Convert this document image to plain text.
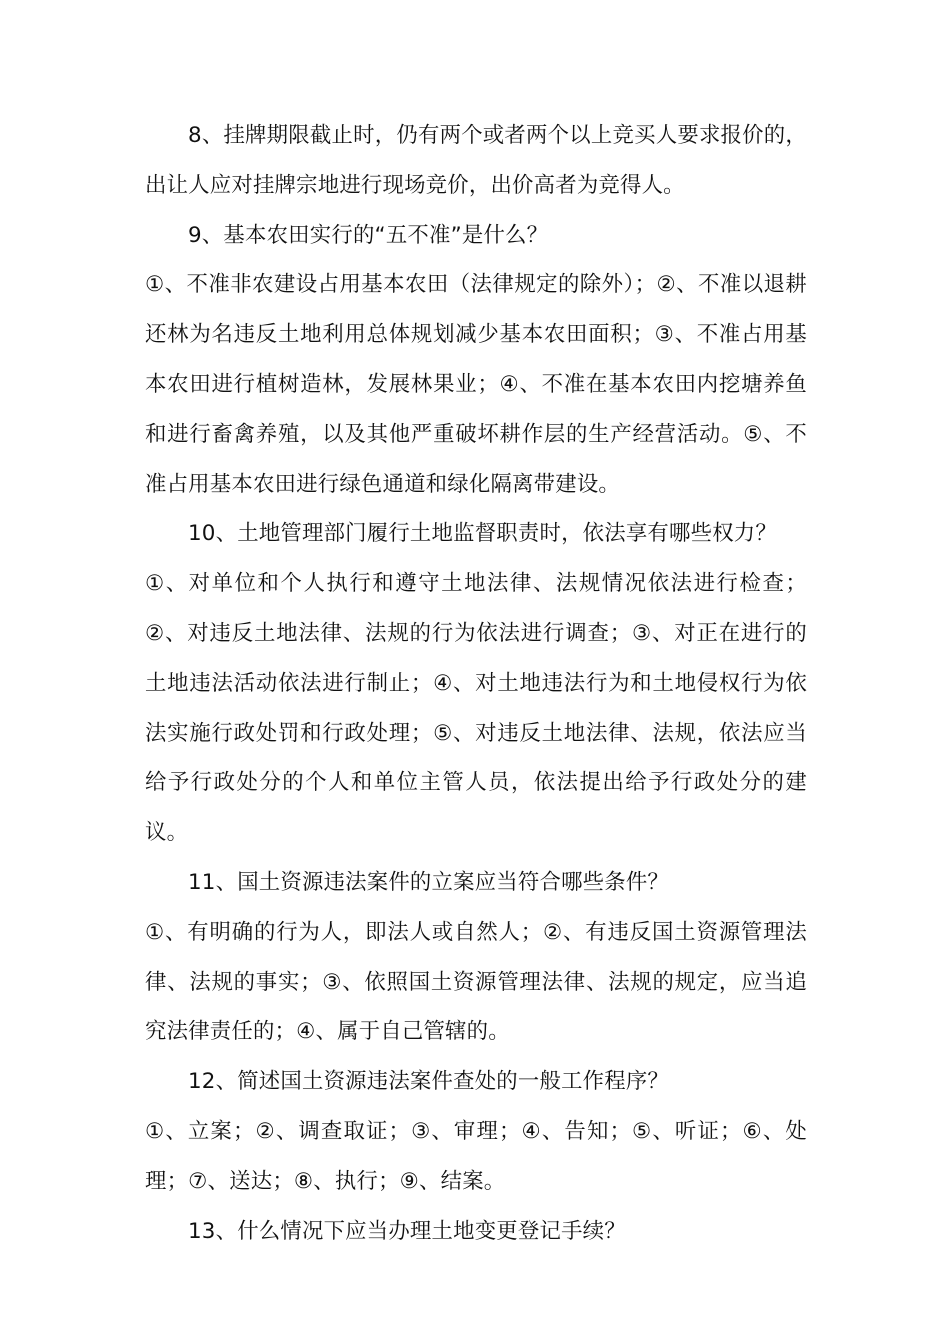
8、挂牌期限截止时，仍有两个或者两个以上竞买人要求报价的，出让人应对挂牌宗地进行现场竞价，出价高者为竞得人。

9、基本农田实行的“五不准”是什么？

①、不准非农建设占用基本农田（法律规定的除外）；②、不准以退耕还林为名违反土地利用总体规划减少基本农田面积；③、不准占用基本农田进行植树造林，发展林果业；④、不准在基本农田内挖塘养鱼和进行畜禽养殖，以及其他严重破坏耕作层的生产经营活动。⑤、不准占用基本农田进行绿色通道和绿化隔离带建设。

10、土地管理部门履行土地监督职责时，依法享有哪些权力？

①、对单位和个人执行和遵守土地法律、法规情况依法进行检查；②、对违反土地法律、法规的行为依法进行调查；③、对正在进行的土地违法活动依法进行制止；④、对土地违法行为和土地侵权行为依法实施行政处罚和行政处理；⑤、对违反土地法律、法规，依法应当给予行政处分的个人和单位主管人员，依法提出给予行政处分的建议。

11、国土资源违法案件的立案应当符合哪些条件？

①、有明确的行为人，即法人或自然人；②、有违反国土资源管理法律、法规的事实；③、依照国土资源管理法律、法规的规定，应当追究法律责任的；④、属于自己管辖的。

12、简述国土资源违法案件查处的一般工作程序？

①、立案；②、调查取证；③、审理；④、告知；⑤、听证；⑥、处理；⑦、送达；⑧、执行；⑨、结案。

13、什么情况下应当办理土地变更登记手续？
